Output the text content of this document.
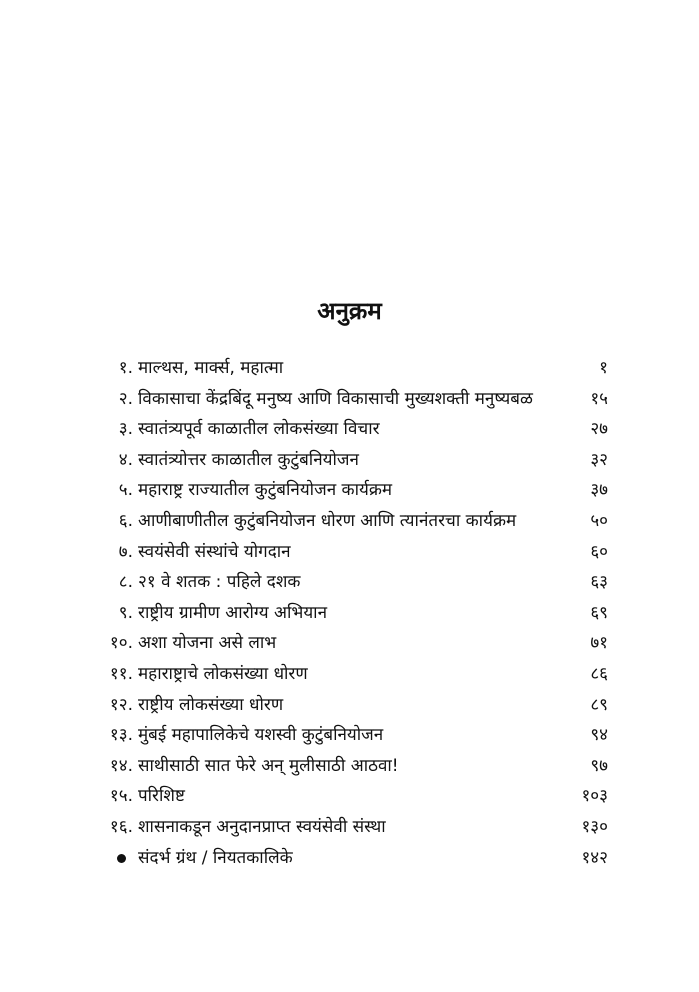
अनुक्रम
१. माल्थस, मार्क्स, महात्मा	१
२. विकासाचा केंद्रबिंदू मनुष्य आणि विकासाची मुख्यशक्ती मनुष्यबळ	१५
३. स्वातंत्र्यपूर्व काळातील लोकसंख्या विचार	२७
४. स्वातंत्र्योत्तर काळातील कुटुंबनियोजन	३२
५. महाराष्ट्र राज्यातील कुटुंबनियोजन कार्यक्रम	३७
६. आणीबाणीतील कुटुंबनियोजन धोरण आणि त्यानंतरचा कार्यक्रम	५०
७. स्वयंसेवी संस्थांचे योगदान	६०
८. २१ वे शतक : पहिले दशक	६३
९. राष्ट्रीय ग्रामीण आरोग्य अभियान	६९
१०. अशा योजना असे लाभ	७१
११. महाराष्ट्राचे लोकसंख्या धोरण	८६
१२. राष्ट्रीय लोकसंख्या धोरण	८९
१३. मुंबई महापालिकेचे यशस्वी कुटुंबनियोजन	९४
१४. साथीसाठी सात फेरे अन् मुलीसाठी आठवा!	९७
१५. परिशिष्ट	१०३
१६. शासनाकडून अनुदानप्राप्त स्वयंसेवी संस्था	१३०
संदर्भ ग्रंथ / नियतकालिके	१४२
